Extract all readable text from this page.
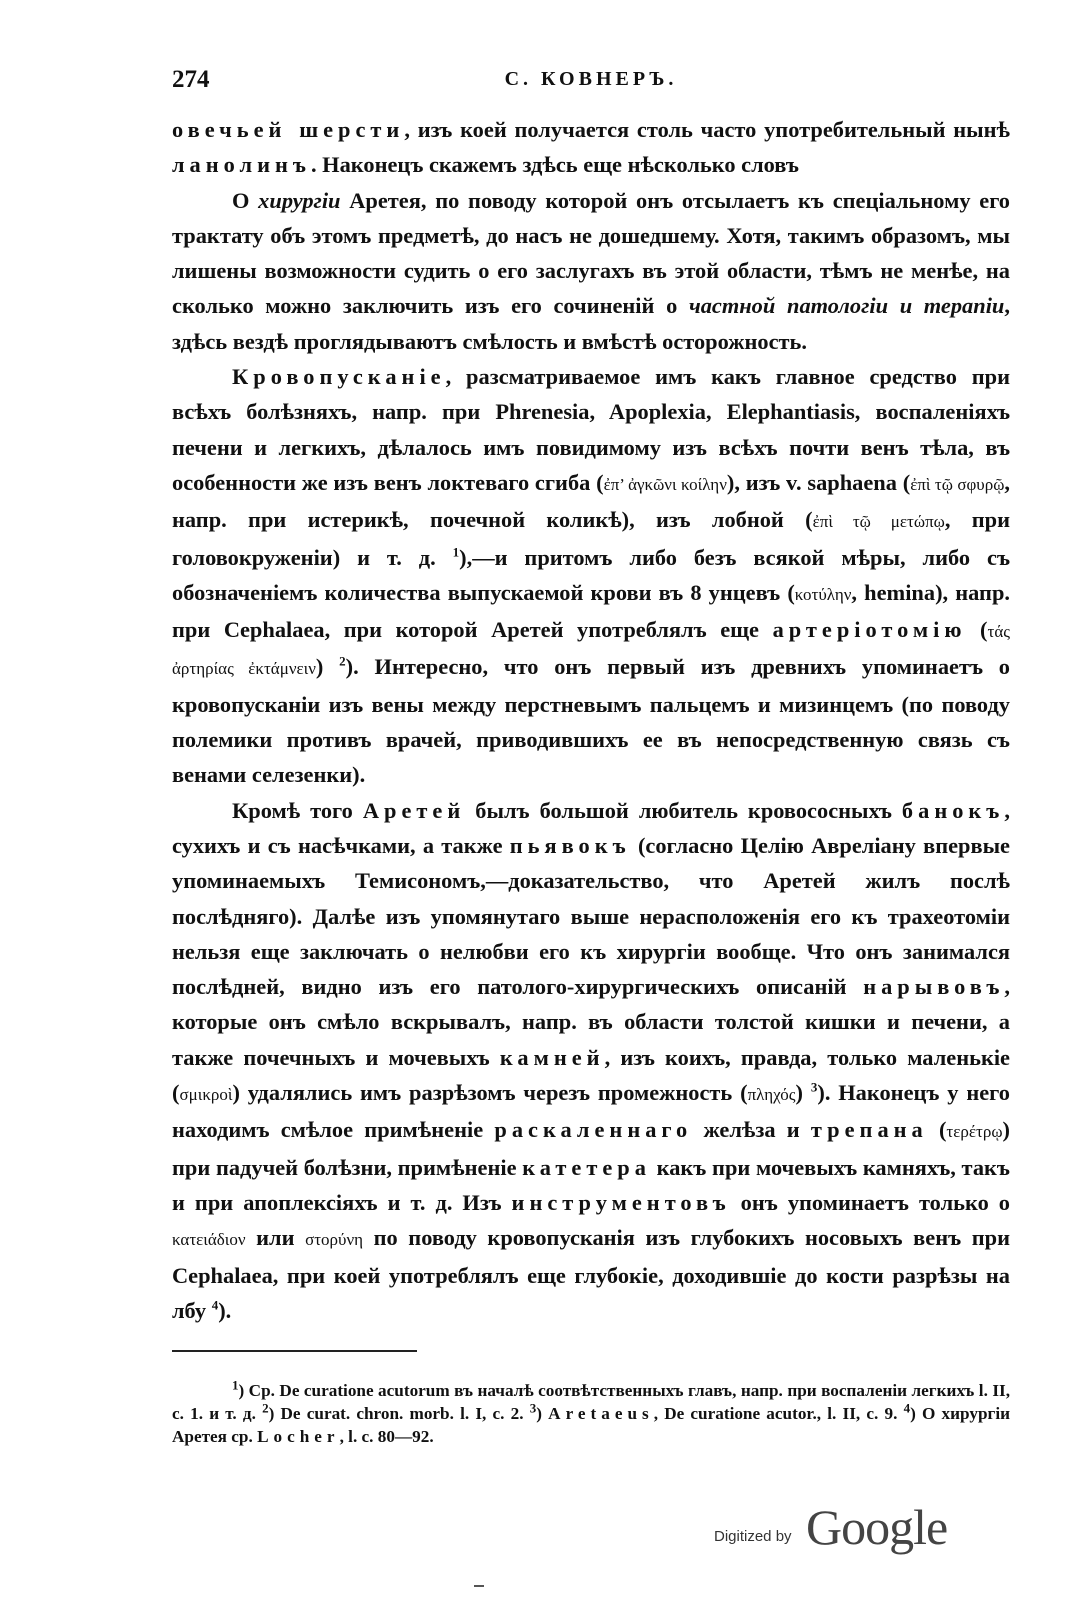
274	С. КОВНЕРЪ.

овечьей шерсти, изъ коей получается столь часто употребительный нынѣ ланолинъ. Наконецъ скажемъ здѣсь еще нѣсколько словъ

О хирургіи Аретея, по поводу которой онъ отсылаетъ къ спеціальному его трактату объ этомъ предметѣ, до насъ не дошедшему. Хотя, такимъ образомъ, мы лишены возможности судить о его заслугахъ въ этой области, тѣмъ не менѣе, на сколько можно заключить изъ его сочиненій о частной патологіи и терапіи, здѣсь вездѣ проглядываютъ смѣлость и вмѣстѣ осторожность.

Кровопусканіе, разсматриваемое имъ какъ главное средство при всѣхъ болѣзняхъ, напр. при Phrenesia, Apoplexia, Elephantiasis, воспаленіяхъ печени и легкихъ, дѣлалось имъ повидимому изъ всѣхъ почти венъ тѣла, въ особенности же изъ венъ локтеваго сгиба (ἐπ’ ἀγκῶνι κοίλην), изъ v. saphaena (ἐπὶ τῷ σφυρῷ, напр. при истерикѣ, почечной коликѣ), изъ лобной (ἐπὶ τῷ μετώπῳ, при головокруженіи) и т. д. $^1$),—и притомъ либо безъ всякой мѣры, либо съ обозначеніемъ количества выпускаемой крови въ 8 унцевъ (κοτύλην, hemina), напр. при Cephalaea, при которой Аретей употреблялъ еще артеріотомію (τάς ἀρτηρίας ἐκτάμνειν) $^2$). Интересно, что онъ первый изъ древнихъ упоминаетъ о кровопусканіи изъ вены между перстневымъ пальцемъ и мизинцемъ (по поводу полемики противъ врачей, приводившихъ ее въ непосредственную связь съ венами селезенки).

Кромѣ того Аретей былъ большой любитель кровососныхъ банокъ, сухихъ и съ насѣчками, а также пьявокъ (согласно Целію Авреліану впервые упоминаемыхъ Темисономъ,—доказательство, что Аретей жилъ послѣ послѣдняго). Далѣе изъ упомянутаго выше нерасположенія его къ трахеотоміи нельзя еще заключать о нелюбви его къ хирургіи вообще. Что онъ занимался послѣдней, видно изъ его патолого-хирургическихъ описаній нарывовъ, которые онъ смѣло вскрывалъ, напр. въ области толстой кишки и печени, а также почечныхъ и мочевыхъ камней, изъ коихъ, правда, только маленькіе (σμικροὶ) удалялись имъ разрѣзомъ черезъ промежность (πληχός) $^3$). Наконецъ у него находимъ смѣлое примѣненіе раскаленнаго желѣза и трепана (τερέτρῳ) при падучей болѣзни, примѣненіе катетера какъ при мочевыхъ камняхъ, такъ и при апоплексіяхъ и т. д. Изъ инструментовъ онъ упоминаетъ только о κατειάδιον или στορύνη по поводу кровопусканія изъ глубокихъ носовыхъ венъ при Cephalaea, при коей употреблялъ еще глубокіе, доходившіе до кости разрѣзы на лбу $^4$).

$^1$) Ср. De curatione acutorum въ началѣ соотвѣтственныхъ главъ, напр. при воспаленіи легкихъ l. II, c. 1. и т. д. $^2$) De curat. chron. morb. l. I, c. 2. $^3$) Aretaeus, De curatione acutor., l. II, c. 9. $^4$) О хирургіи Аретея ср. Locher, l. c. 80—92.

Digitized by Google
